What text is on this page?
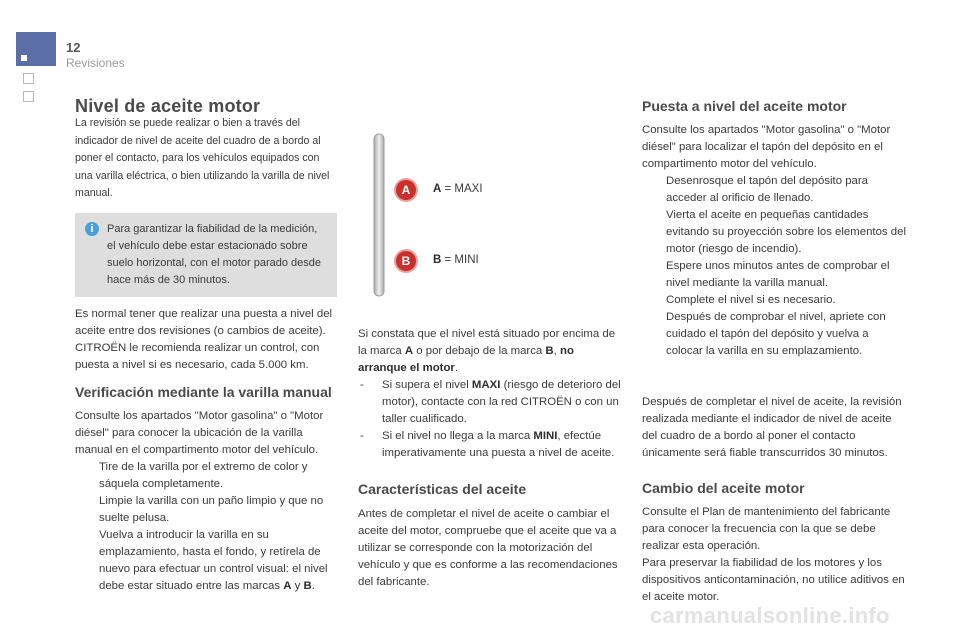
12
Revisiones
Nivel de aceite motor

La revisión se puede realizar o bien a través del indicador de nivel de aceite del cuadro de a bordo al poner el contacto, para los vehículos equipados con una varilla eléctrica, o bien utilizando la varilla de nivel manual.

i	Para garantizar la fiabilidad de la medición, el vehículo debe estar estacionado sobre suelo horizontal, con el motor parado desde hace más de 30 minutos.

Es normal tener que realizar una puesta a nivel del aceite entre dos revisiones (o cambios de aceite). CITROËN le recomienda realizar un control, con puesta a nivel si es necesario, cada 5.000 km.

Verificación mediante la varilla manual

Consulte los apartados "Motor gasolina" o "Motor diésel" para conocer la ubicación de la varilla manual en el compartimento motor del vehículo.

Tire de la varilla por el extremo de color y sáquela completamente.
Limpie la varilla con un paño limpio y que no suelte pelusa.
Vuelva a introducir la varilla en su emplazamiento, hasta el fondo, y retírela de nuevo para efectuar un control visual: el nivel debe estar situado entre las marcas A y B.
A
B
A = MAXI
B = MINI

Si constata que el nivel está situado por encima de la marca A o por debajo de la marca B, no arranque el motor.

- Si supera el nivel MAXI (riesgo de deterioro del motor), contacte con la red CITROËN o con un taller cualificado.
- Si el nivel no llega a la marca MINI, efectúe imperativamente una puesta a nivel de aceite.
Características del aceite

Antes de completar el nivel de aceite o cambiar el aceite del motor, compruebe que el aceite que va a utilizar se corresponde con la motorización del vehículo y que es conforme a las recomendaciones del fabricante.

Puesta a nivel del aceite motor

Consulte los apartados "Motor gasolina" o "Motor diésel" para localizar el tapón del depósito en el compartimento motor del vehículo.

Desenrosque el tapón del depósito para acceder al orificio de llenado.
Vierta el aceite en pequeñas cantidades evitando su proyección sobre los elementos del motor (riesgo de incendio).
Espere unos minutos antes de comprobar el nivel mediante la varilla manual.
Complete el nivel si es necesario.
Después de comprobar el nivel, apriete con cuidado el tapón del depósito y vuelva a colocar la varilla en su emplazamiento.

Después de completar el nivel de aceite, la revisión realizada mediante el indicador de nivel de aceite del cuadro de a bordo al poner el contacto únicamente será fiable transcurridos 30 minutos.

Cambio del aceite motor

Consulte el Plan de mantenimiento del fabricante para conocer la frecuencia con la que se debe realizar esta operación.

Para preservar la fiabilidad de los motores y los dispositivos anticontaminación, no utilice aditivos en el aceite motor.

carmanualsonline.info
